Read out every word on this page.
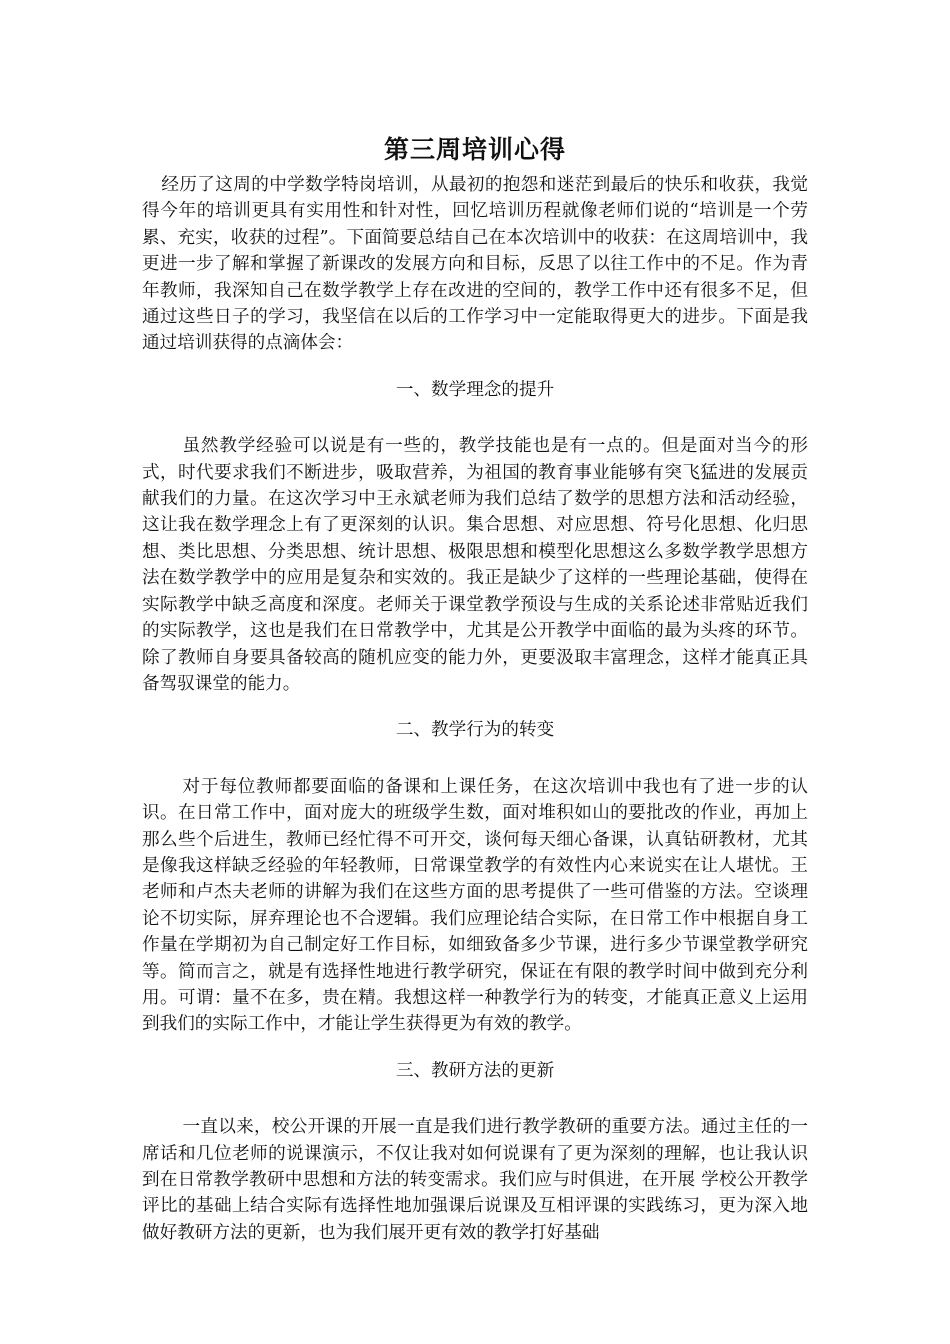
第三周培训心得

经历了这周的中学数学特岗培训，从最初的抱怨和迷茫到最后的快乐和收获，我觉得今年的培训更具有实用性和针对性，回忆培训历程就像老师们说的“培训是一个劳累、充实，收获的过程”。下面简要总结自己在本次培训中的收获：在这周培训中，我更进一步了解和掌握了新课改的发展方向和目标，反思了以往工作中的不足。作为青年教师，我深知自己在数学教学上存在改进的空间的，教学工作中还有很多不足，但通过这些日子的学习，我坚信在以后的工作学习中一定能取得更大的进步。下面是我通过培训获得的点滴体会：

一、数学理念的提升

虽然教学经验可以说是有一些的，教学技能也是有一点的。但是面对当今的形式，时代要求我们不断进步，吸取营养，为祖国的教育事业能够有突飞猛进的发展贡献我们的力量。在这次学习中王永斌老师为我们总结了数学的思想方法和活动经验，这让我在数学理念上有了更深刻的认识。集合思想、对应思想、符号化思想、化归思想、类比思想、分类思想、统计思想、极限思想和模型化思想这么多数学教学思想方法在数学教学中的应用是复杂和实效的。我正是缺少了这样的一些理论基础，使得在实际教学中缺乏高度和深度。老师关于课堂教学预设与生成的关系论述非常贴近我们的实际教学，这也是我们在日常教学中，尤其是公开教学中面临的最为头疼的环节。除了教师自身要具备较高的随机应变的能力外，更要汲取丰富理念，这样才能真正具备驾驭课堂的能力。

二、教学行为的转变

对于每位教师都要面临的备课和上课任务，在这次培训中我也有了进一步的认识。在日常工作中，面对庞大的班级学生数，面对堆积如山的要批改的作业，再加上那么些个后进生，教师已经忙得不可开交，谈何每天细心备课，认真钻研教材，尤其是像我这样缺乏经验的年轻教师，日常课堂教学的有效性内心来说实在让人堪忧。王老师和卢杰夫老师的讲解为我们在这些方面的思考提供了一些可借鉴的方法。空谈理论不切实际，屏弃理论也不合逻辑。我们应理论结合实际，在日常工作中根据自身工作量在学期初为自己制定好工作目标，如细致备多少节课，进行多少节课堂教学研究等。简而言之，就是有选择性地进行教学研究，保证在有限的教学时间中做到充分利用。可谓：量不在多，贵在精。我想这样一种教学行为的转变，才能真正意义上运用到我们的实际工作中，才能让学生获得更为有效的教学。

三、教研方法的更新

一直以来，校公开课的开展一直是我们进行教学教研的重要方法。通过主任的一席话和几位老师的说课演示，不仅让我对如何说课有了更为深刻的理解，也让我认识到在日常教学教研中思想和方法的转变需求。我们应与时俱进，在开展 学校公开教学评比的基础上结合实际有选择性地加强课后说课及互相评课的实践练习，更为深入地做好教研方法的更新，也为我们展开更有效的教学打好基础
